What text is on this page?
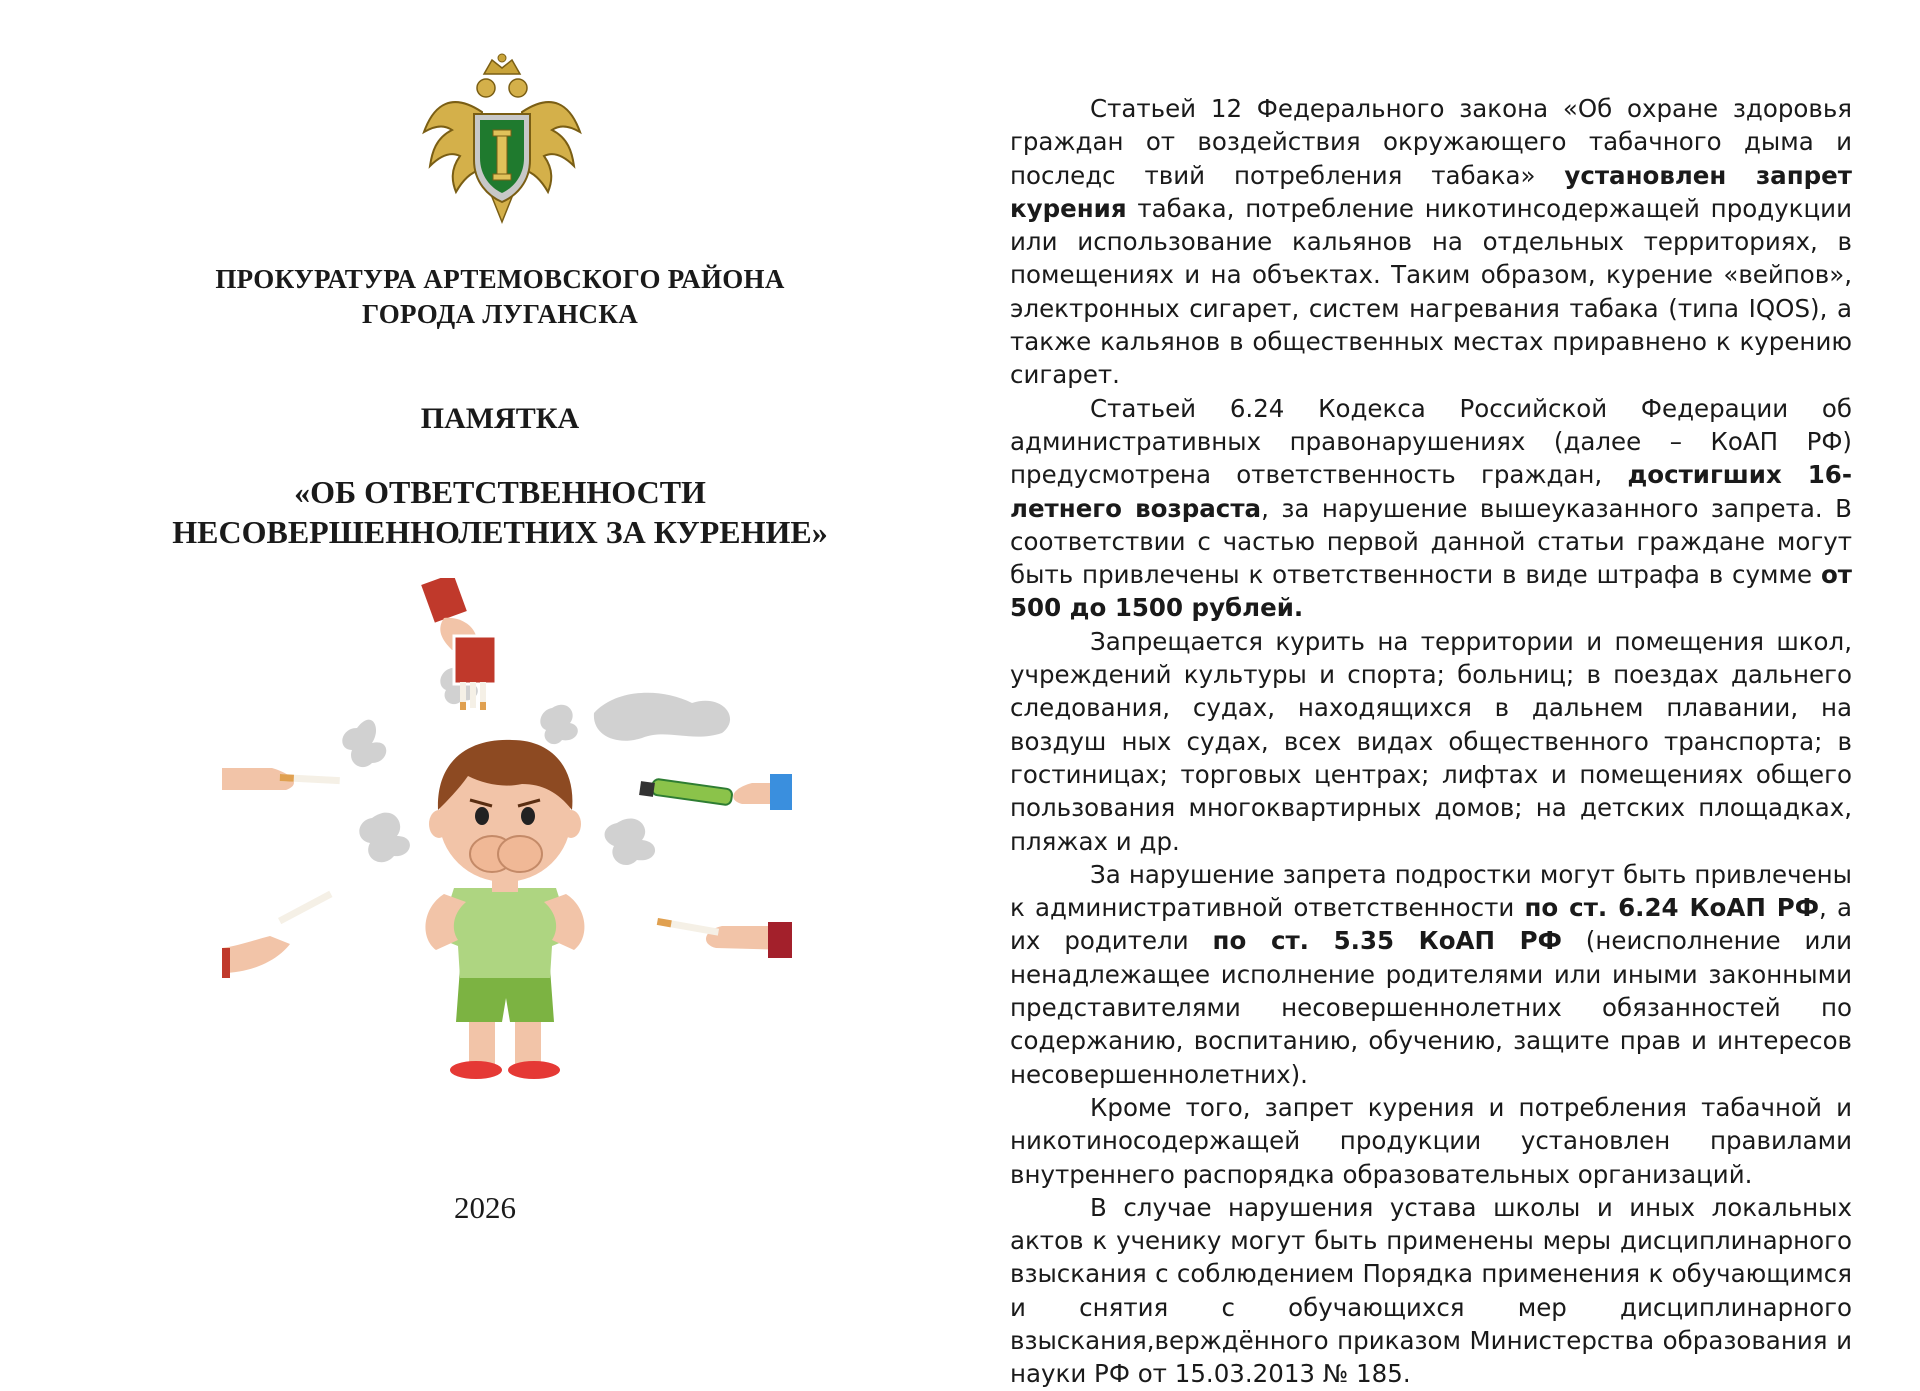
ПРОКУРАТУРА АРТЕМОВСКОГО РАЙОНА
ГОРОДА ЛУГАНСКА
ПАМЯТКА
«ОБ ОТВЕТСТВЕННОСТИ
НЕСОВЕРШЕННОЛЕТНИХ ЗА КУРЕНИЕ»
2026

Статьей 12 Федерального закона «Об охране здоровья граждан от воздействия окружающего табачного дыма и последс твий потребления табака» установлен запрет курения табака, потребление никотинсодержащей продукции или использование кальянов на отдельных территориях, в помещениях и на объектах. Таким образом, курение «вейпов», электронных сигарет, систем нагревания табака (типа IQOS), а также кальянов в общественных местах приравнено к курению сигарет.

Статьей 6.24 Кодекса Российской Федерации об административных правонарушениях (далее – КоАП РФ) предусмотрена ответственность граждан, достигших 16-летнего возраста, за нарушение вышеуказанного запрета. В соответствии с частью первой данной статьи граждане могут быть привлечены к ответственности в виде штрафа в сумме от 500 до 1500 рублей.

Запрещается курить на территории и помещения школ, учреждений культуры и спорта; больниц; в поездах дальнего следования, судах, находящихся в дальнем плавании, на воздуш ных судах, всех видах общественного транспорта; в гостиницах; торговых центрах; лифтах и помещениях общего пользования многоквартирных домов; на детских площадках, пляжах и др.

За нарушение запрета подростки могут быть привлечены к административной ответственности по ст. 6.24 КоАП РФ, а их родители по ст. 5.35 КоАП РФ (неисполнение или ненадлежащее исполнение родителями или иными законными представителями несовершеннолетних обязанностей по содержанию, воспитанию, обучению, защите прав и интересов несовершеннолетних).

Кроме того, запрет курения и потребления табачной и никотиносодержащей продукции установлен правилами внутреннего распорядка образовательных организаций.

В случае нарушения устава школы и иных локальных актов к ученику могут быть применены меры дисциплинарного взыскания с соблюдением Порядка применения к обучающимся и снятия с обучающихся мер дисциплинарного взыскания,верждённого приказом Министерства образования и науки РФ от 15.03.2013 № 185.
